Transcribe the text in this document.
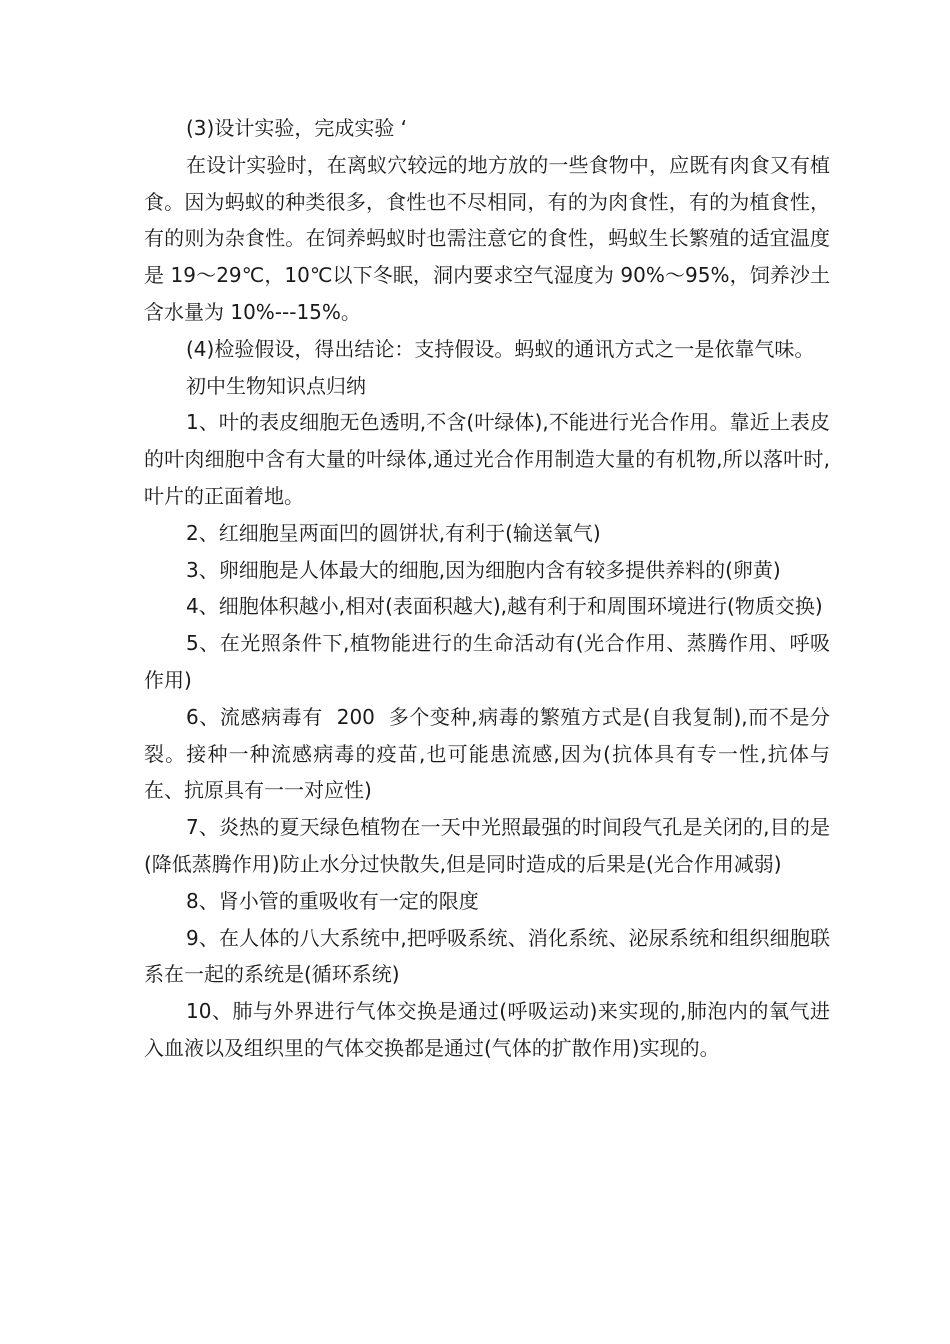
(3)设计实验，完成实验 ‘

在设计实验时，在离蚁穴较远的地方放的一些食物中，应既有肉食又有植食。因为蚂蚁的种类很多，食性也不尽相同，有的为肉食性，有的为植食性，有的则为杂食性。在饲养蚂蚁时也需注意它的食性，蚂蚁生长繁殖的适宜温度是 19～29℃，10℃以下冬眠，洞内要求空气湿度为 90%～95%，饲养沙土含水量为 10%---15%。

(4)检验假设，得出结论：支持假设。蚂蚁的通讯方式之一是依靠气味。

初中生物知识点归纳

1、叶的表皮细胞无色透明,不含(叶绿体),不能进行光合作用。靠近上表皮的叶肉细胞中含有大量的叶绿体,通过光合作用制造大量的有机物,所以落叶时,叶片的正面着地。

2、红细胞呈两面凹的圆饼状,有利于(输送氧气)

3、卵细胞是人体最大的细胞,因为细胞内含有较多提供养料的(卵黄)

4、细胞体积越小,相对(表面积越大),越有利于和周围环境进行(物质交换)

5、在光照条件下,植物能进行的生命活动有(光合作用、蒸腾作用、呼吸作用)

6、流感病毒有  200  多个变种,病毒的繁殖方式是(自我复制),而不是分裂。接种一种流感病毒的疫苗,也可能患流感,因为(抗体具有专一性,抗体与在、抗原具有一一对应性)

7、炎热的夏天绿色植物在一天中光照最强的时间段气孔是关闭的,目的是(降低蒸腾作用)防止水分过快散失,但是同时造成的后果是(光合作用减弱)

8、肾小管的重吸收有一定的限度

9、在人体的八大系统中,把呼吸系统、消化系统、泌尿系统和组织细胞联系在一起的系统是(循环系统)

10、肺与外界进行气体交换是通过(呼吸运动)来实现的,肺泡内的氧气进入血液以及组织里的气体交换都是通过(气体的扩散作用)实现的。
